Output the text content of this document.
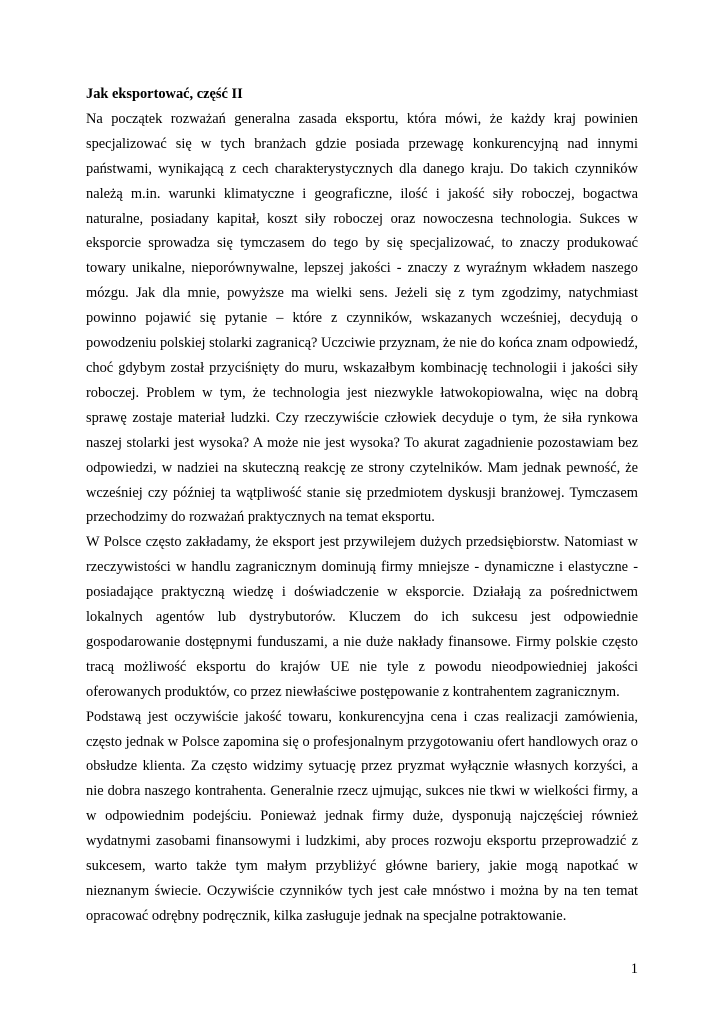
Jak eksportować, część II

Na początek rozważań generalna zasada eksportu, która mówi, że każdy kraj powinien specjalizować się w tych branżach gdzie posiada przewagę konkurencyjną nad innymi państwami, wynikającą z cech charakterystycznych dla danego kraju. Do takich czynników należą m.in. warunki klimatyczne i geograficzne, ilość i jakość siły roboczej, bogactwa naturalne, posiadany kapitał, koszt siły roboczej oraz nowoczesna technologia. Sukces w eksporcie sprowadza się tymczasem do tego by się specjalizować, to znaczy produkować towary unikalne, nieporównywalne, lepszej jakości - znaczy z wyraźnym wkładem naszego mózgu. Jak dla mnie, powyższe ma wielki sens. Jeżeli się z tym zgodzimy, natychmiast powinno pojawić się pytanie – które z czynników, wskazanych wcześniej, decydują o powodzeniu polskiej stolarki zagranicą? Uczciwie przyznam, że nie do końca znam odpowiedź, choć gdybym został przyciśnięty do muru, wskazałbym kombinację technologii i jakości siły roboczej. Problem w tym, że technologia jest niezwykle łatwokopiowalna, więc na dobrą sprawę zostaje materiał ludzki. Czy rzeczywiście człowiek decyduje o tym, że siła rynkowa naszej stolarki jest wysoka? A może nie jest wysoka? To akurat zagadnienie pozostawiam bez odpowiedzi, w nadziei na skuteczną reakcję ze strony czytelników. Mam jednak pewność, że wcześniej czy później ta wątpliwość stanie się przedmiotem dyskusji branżowej. Tymczasem przechodzimy do rozważań praktycznych na temat eksportu.

W Polsce często zakładamy, że eksport jest przywilejem dużych przedsiębiorstw. Natomiast w rzeczywistości w handlu zagranicznym dominują firmy mniejsze - dynamiczne i elastyczne - posiadające praktyczną wiedzę i doświadczenie w eksporcie. Działają za pośrednictwem lokalnych agentów lub dystrybutorów. Kluczem do ich sukcesu jest odpowiednie gospodarowanie dostępnymi funduszami, a nie duże nakłady finansowe. Firmy polskie często tracą możliwość eksportu do krajów UE nie tyle z powodu nieodpowiedniej jakości oferowanych produktów, co przez niewłaściwe postępowanie z kontrahentem zagranicznym.

Podstawą jest oczywiście jakość towaru, konkurencyjna cena i czas realizacji zamówienia, często jednak w Polsce zapomina się o profesjonalnym przygotowaniu ofert handlowych oraz o obsłudze klienta. Za często widzimy sytuację przez pryzmat wyłącznie własnych korzyści, a nie dobra naszego kontrahenta. Generalnie rzecz ujmując, sukces nie tkwi w wielkości firmy, a w odpowiednim podejściu. Ponieważ jednak firmy duże, dysponują najczęściej również wydatnymi zasobami finansowymi i ludzkimi, aby proces rozwoju eksportu przeprowadzić z sukcesem, warto także tym małym przybliżyć główne bariery, jakie mogą napotkać w nieznanym świecie. Oczywiście czynników tych jest całe mnóstwo i można by na ten temat opracować odrębny podręcznik, kilka zasługuje jednak na specjalne potraktowanie.

1
